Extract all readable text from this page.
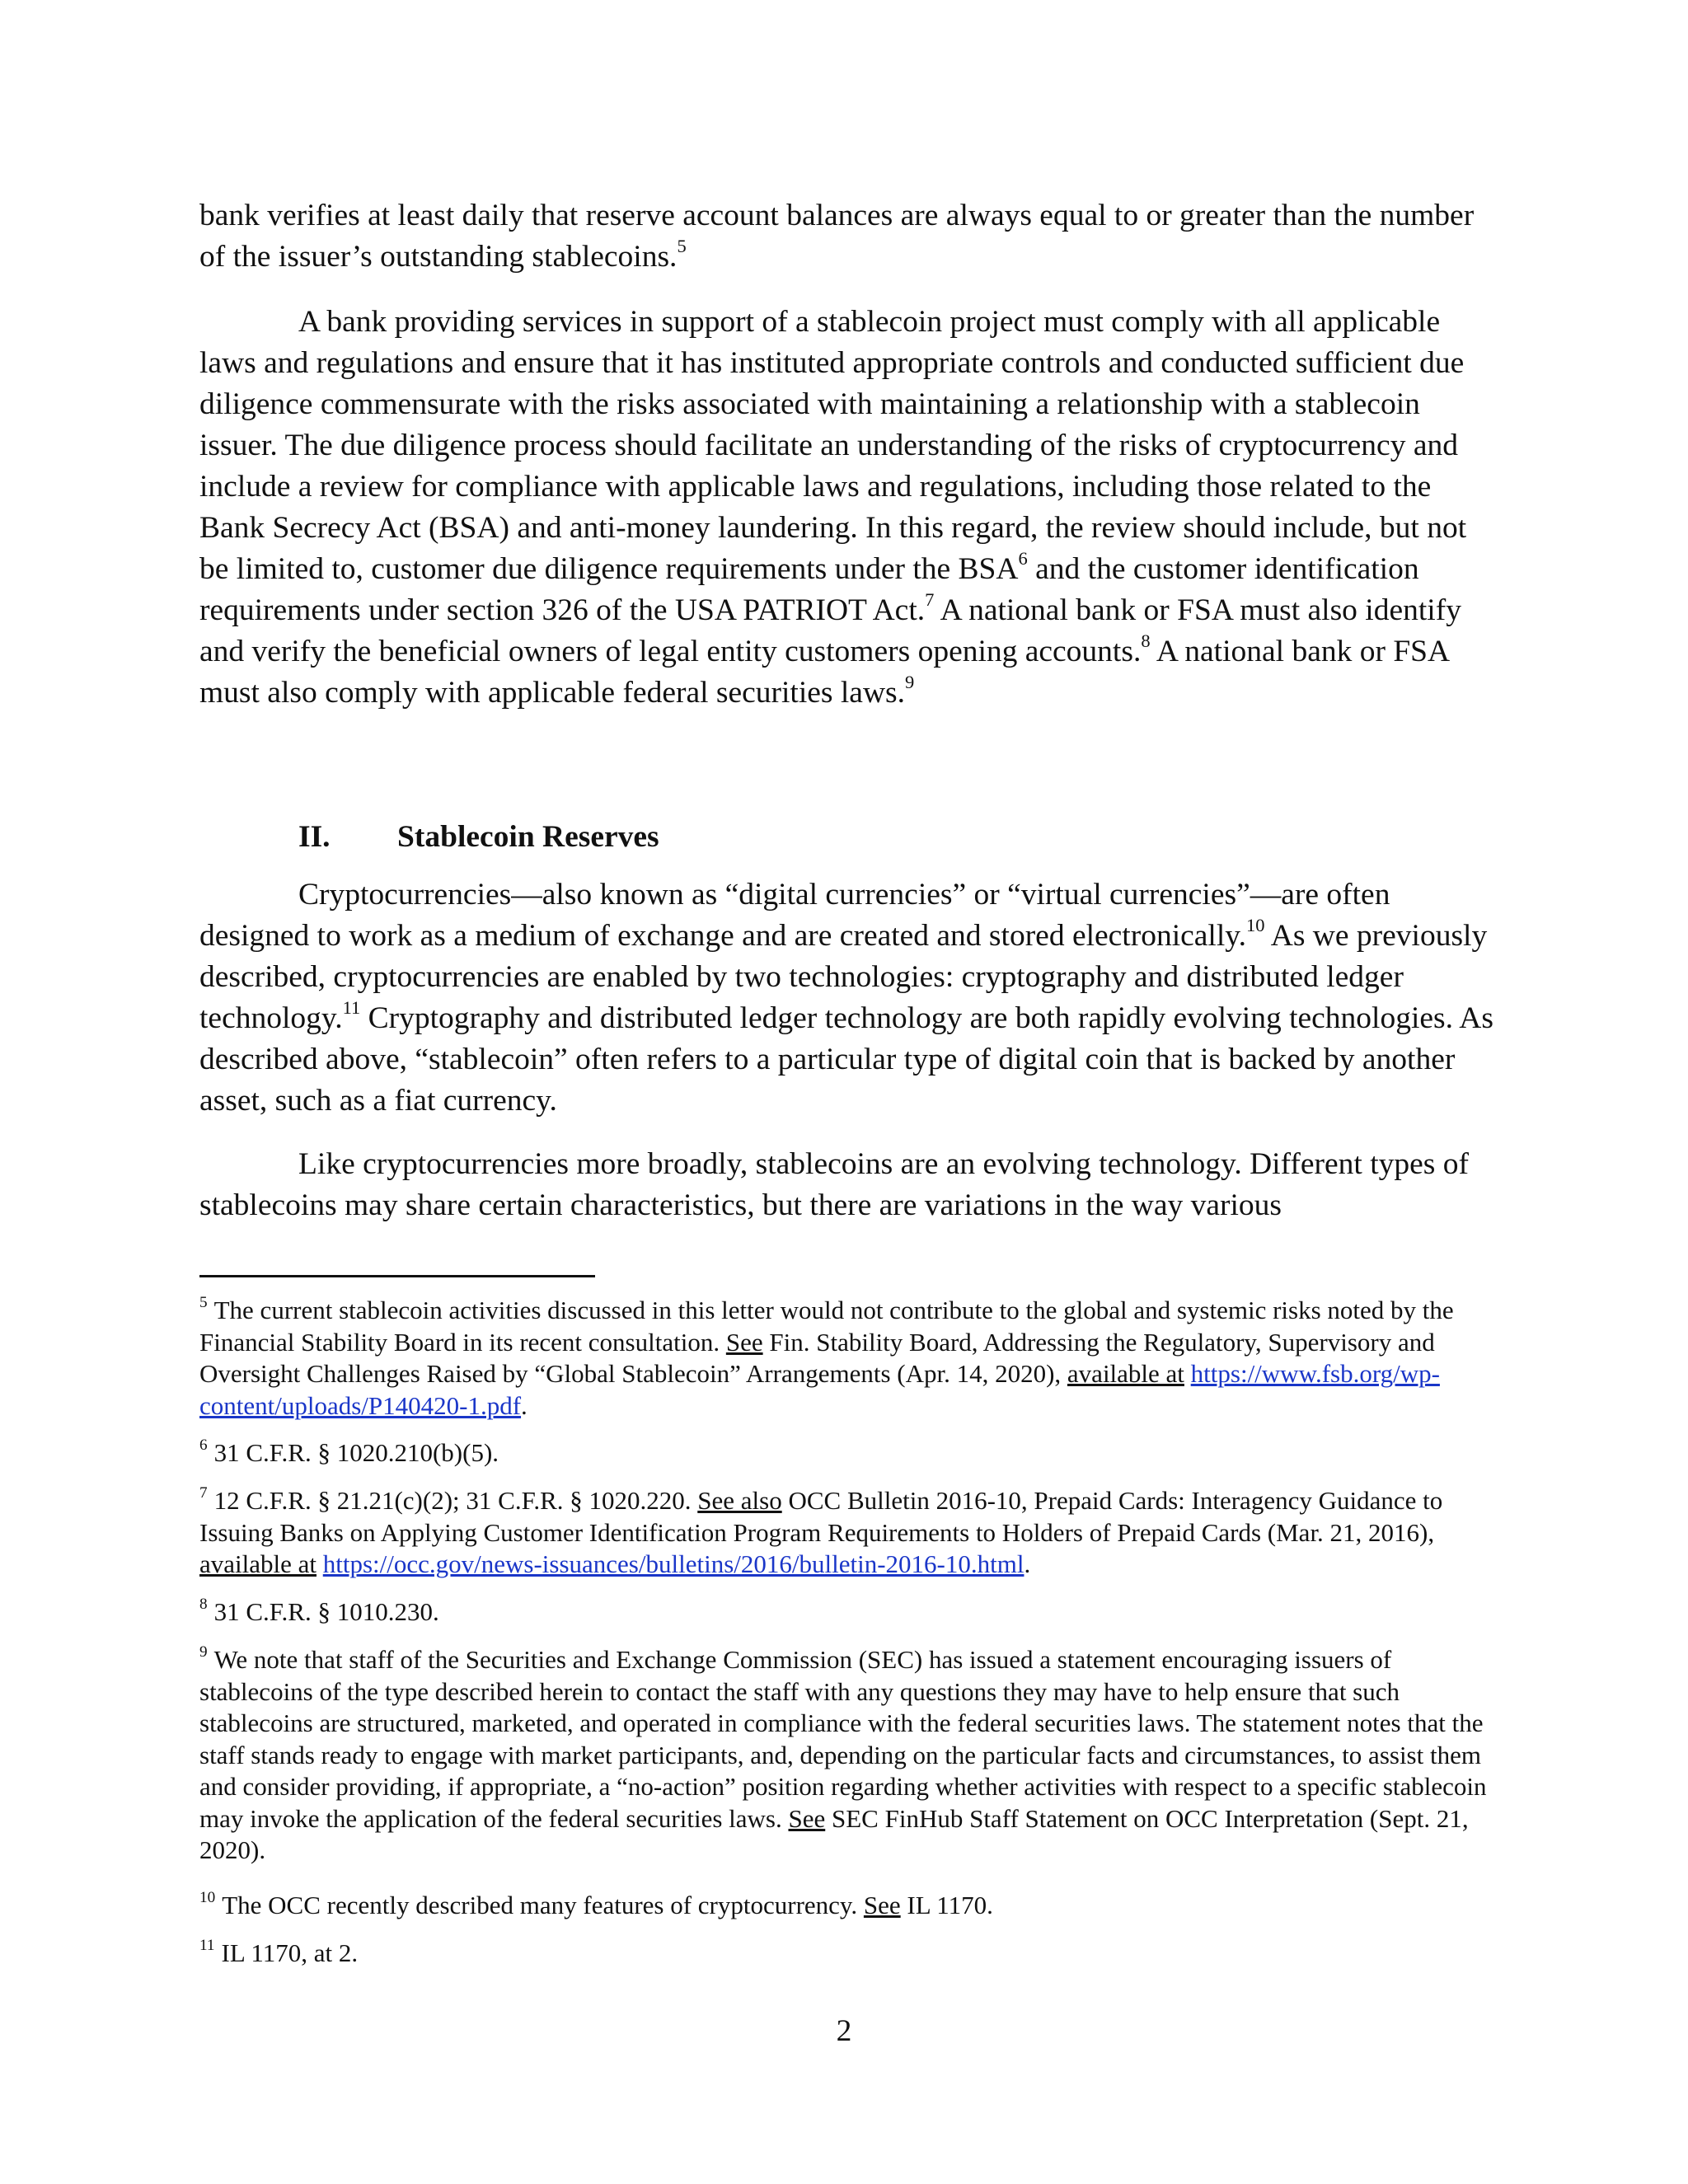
bank verifies at least daily that reserve account balances are always equal to or greater than the number of the issuer’s outstanding stablecoins.$^5$

A bank providing services in support of a stablecoin project must comply with all applicable laws and regulations and ensure that it has instituted appropriate controls and conducted sufficient due diligence commensurate with the risks associated with maintaining a relationship with a stablecoin issuer. The due diligence process should facilitate an understanding of the risks of cryptocurrency and include a review for compliance with applicable laws and regulations, including those related to the Bank Secrecy Act (BSA) and anti-money laundering. In this regard, the review should include, but not be limited to, customer due diligence requirements under the BSA$^6$ and the customer identification requirements under section 326 of the USA PATRIOT Act.$^7$ A national bank or FSA must also identify and verify the beneficial owners of legal entity customers opening accounts.$^8$ A national bank or FSA must also comply with applicable federal securities laws.$^9$

II. Stablecoin Reserves

Cryptocurrencies—also known as “digital currencies” or “virtual currencies”—are often designed to work as a medium of exchange and are created and stored electronically.$^{10}$ As we previously described, cryptocurrencies are enabled by two technologies: cryptography and distributed ledger technology.$^{11}$ Cryptography and distributed ledger technology are both rapidly evolving technologies. As described above, “stablecoin” often refers to a particular type of digital coin that is backed by another asset, such as a fiat currency.

Like cryptocurrencies more broadly, stablecoins are an evolving technology. Different types of stablecoins may share certain characteristics, but there are variations in the way various

$^5$ The current stablecoin activities discussed in this letter would not contribute to the global and systemic risks noted by the Financial Stability Board in its recent consultation. See Fin. Stability Board, Addressing the Regulatory, Supervisory and Oversight Challenges Raised by “Global Stablecoin” Arrangements (Apr. 14, 2020), available at https://www.fsb.org/wp-content/uploads/P140420-1.pdf.

$^6$ 31 C.F.R. § 1020.210(b)(5).

$^7$ 12 C.F.R. § 21.21(c)(2); 31 C.F.R. § 1020.220. See also OCC Bulletin 2016-10, Prepaid Cards: Interagency Guidance to Issuing Banks on Applying Customer Identification Program Requirements to Holders of Prepaid Cards (Mar. 21, 2016), available at https://occ.gov/news-issuances/bulletins/2016/bulletin-2016-10.html.

$^8$ 31 C.F.R. § 1010.230.

$^9$ We note that staff of the Securities and Exchange Commission (SEC) has issued a statement encouraging issuers of stablecoins of the type described herein to contact the staff with any questions they may have to help ensure that such stablecoins are structured, marketed, and operated in compliance with the federal securities laws. The statement notes that the staff stands ready to engage with market participants, and, depending on the particular facts and circumstances, to assist them and consider providing, if appropriate, a “no-action” position regarding whether activities with respect to a specific stablecoin may invoke the application of the federal securities laws. See SEC FinHub Staff Statement on OCC Interpretation (Sept. 21, 2020).

$^{10}$ The OCC recently described many features of cryptocurrency. See IL 1170.

$^{11}$ IL 1170, at 2.

2
